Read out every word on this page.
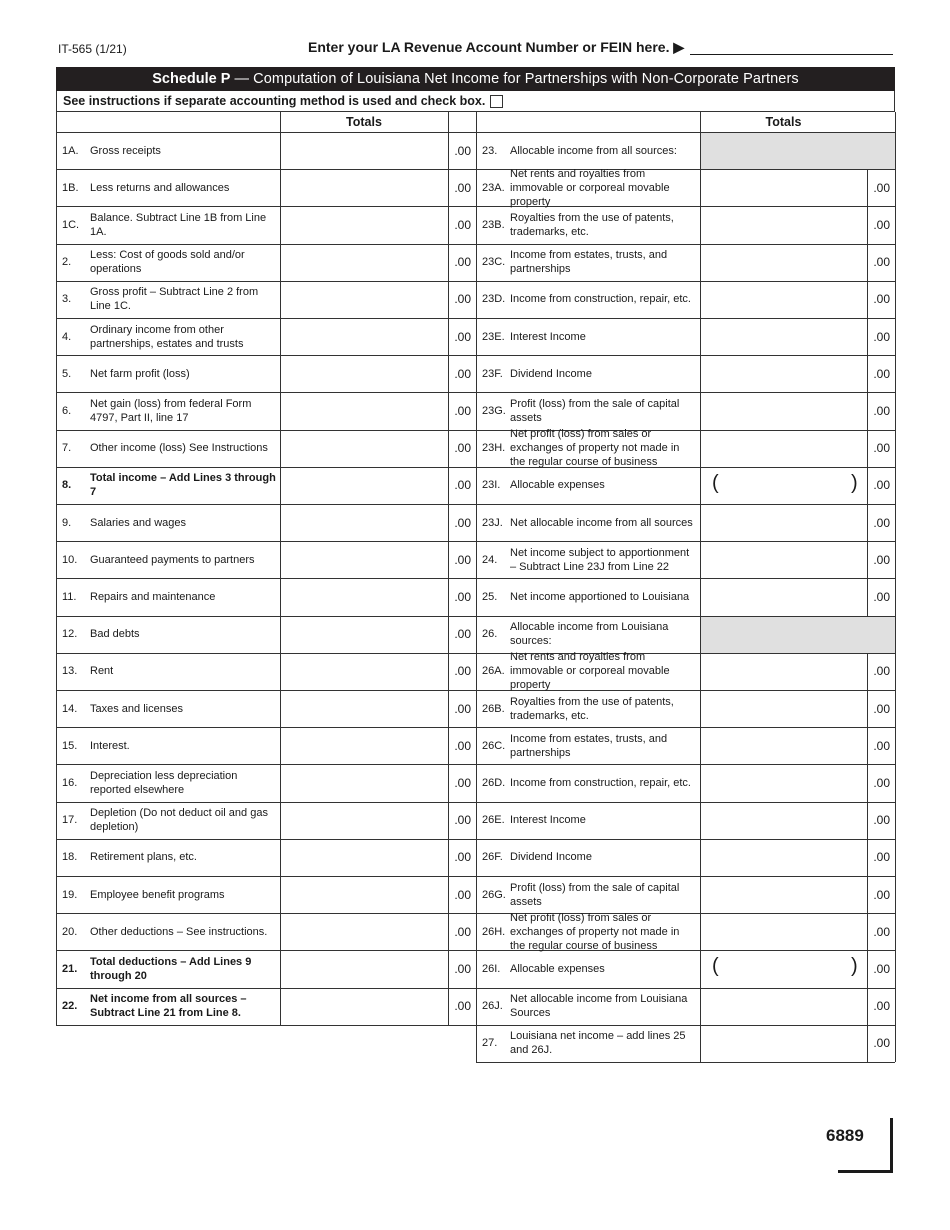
IT-565 (1/21)	Enter your LA Revenue Account Number or FEIN here. ▶
Schedule P — Computation of Louisiana Net Income for Partnerships with Non-Corporate Partners
See instructions if separate accounting method is used and check box.
Totals	Totals
1A. Gross receipts	.00
1B. Less returns and allowances	.00
1C.
Balance. Subtract Line 1B from Line 1A.	.00
2.
Less: Cost of goods sold and/or operations	.00
3.
Gross profit – Subtract Line 2 from Line 1C.	.00
4.
Ordinary income from other partnerships, estates and trusts	.00
5. Net farm profit (loss)	.00
6.
Net gain (loss) from federal Form 4797, Part II, line 17	.00
7. Other income (loss) See Instructions	.00
8.
Total income – Add Lines 3 through 7	.00
9. Salaries and wages	.00
10. Guaranteed payments to partners	.00
11. Repairs and maintenance	.00
12. Bad debts	.00
13. Rent	.00
14. Taxes and licenses	.00
15. Interest.	.00
16.
Depreciation less depreciation reported elsewhere	.00
17.
Depletion (Do not deduct oil and gas depletion)	.00
18. Retirement plans, etc.	.00
19. Employee benefit programs	.00
20. Other deductions – See instructions.	.00
21.
Total deductions – Add Lines 9 through 20	.00
22.
Net income from all sources – Subtract Line 21 from Line 8.	.00
23. Allocable income from all sources:
23A.
Net rents and royalties from immovable or corporeal movable property
.00
23B.
Royalties from the use of patents, trademarks, etc.	.00
23C.
Income from estates, trusts, and partnerships	.00
23D. Income from construction, repair, etc.	.00
23E. Interest Income	.00
23F. Dividend Income	.00
23G.
Profit (loss) from the sale of capital assets	.00
23H.
Net profit (loss) from sales or exchanges of property not made in the regular course of business
.00
23I. Allocable expenses	.00
(	)
23J. Net allocable income from all sources	.00
24.
Net income subject to apportionment – Subtract Line 23J from Line 22	.00
25. Net income apportioned to Louisiana	.00
26.
Allocable income from Louisiana sources:
26A.
Net rents and royalties from immovable or corporeal movable property
.00
26B.
Royalties from the use of patents, trademarks, etc.	.00
26C.
Income from estates, trusts, and partnerships	.00
26D. Income from construction, repair, etc.	.00
26E. Interest Income	.00
26F. Dividend Income	.00
26G.
Profit (loss) from the sale of capital assets	.00
26H.
Net profit (loss) from sales or exchanges of property not made in the regular course of business
.00
26I. Allocable expenses	.00
(	)
26J.
Net allocable income from Louisiana Sources	.00
27.
Louisiana net income – add lines 25 and 26J.	.00
6889
